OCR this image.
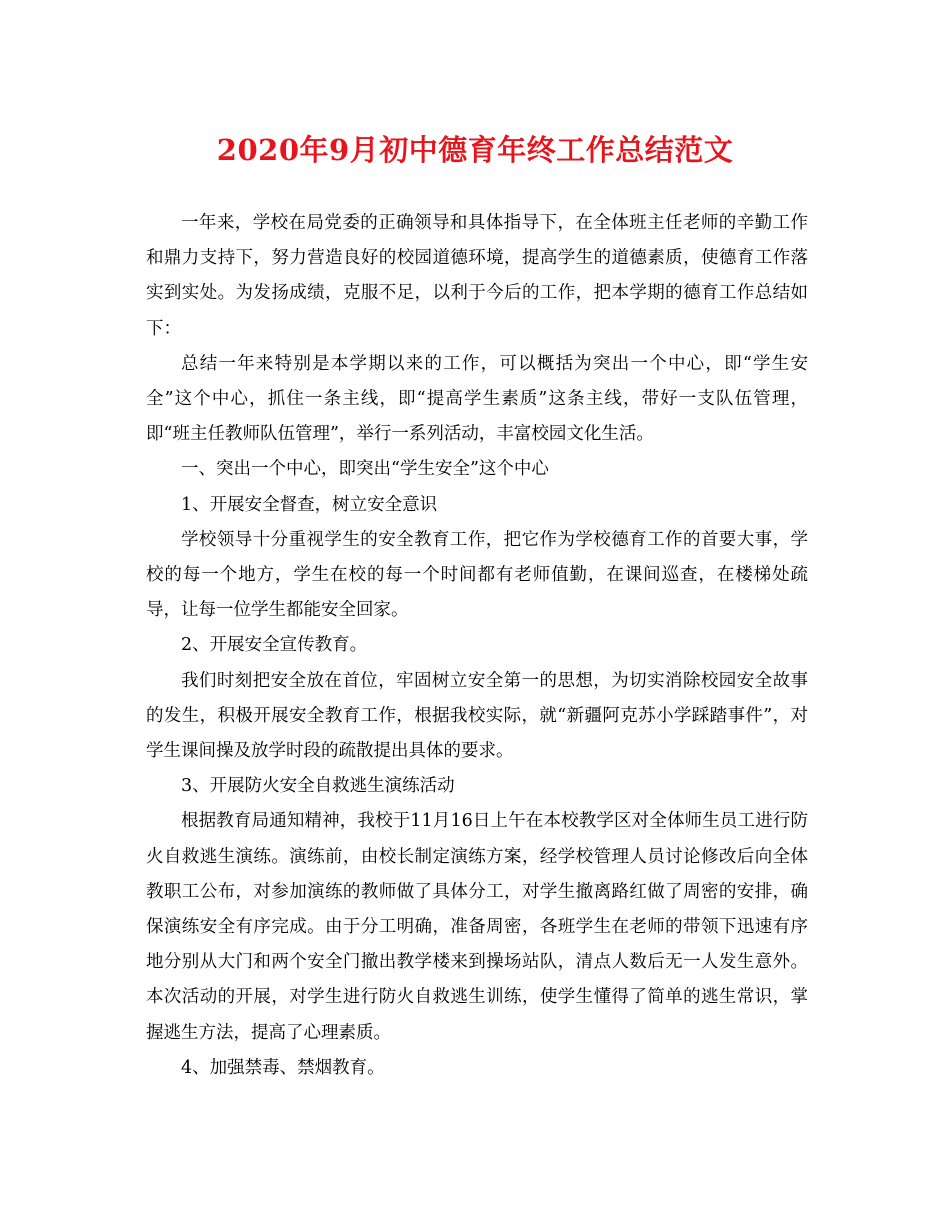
2020年9月初中德育年终工作总结范文

一年来，学校在局党委的正确领导和具体指导下，在全体班主任老师的辛勤工作和鼎力支持下，努力营造良好的校园道德环境，提高学生的道德素质，使德育工作落实到实处。为发扬成绩，克服不足，以利于今后的工作，把本学期的德育工作总结如下：

总结一年来特别是本学期以来的工作，可以概括为突出一个中心，即“学生安全”这个中心，抓住一条主线，即“提高学生素质”这条主线，带好一支队伍管理，即“班主任教师队伍管理”，举行一系列活动，丰富校园文化生活。

一、突出一个中心，即突出“学生安全”这个中心

1、开展安全督查，树立安全意识

学校领导十分重视学生的安全教育工作，把它作为学校德育工作的首要大事，学校的每一个地方，学生在校的每一个时间都有老师值勤，在课间巡查，在楼梯处疏导，让每一位学生都能安全回家。

2、开展安全宣传教育。

我们时刻把安全放在首位，牢固树立安全第一的思想，为切实消除校园安全故事的发生，积极开展安全教育工作，根据我校实际，就“新疆阿克苏小学踩踏事件”，对学生课间操及放学时段的疏散提出具体的要求。

3、开展防火安全自救逃生演练活动

根据教育局通知精神，我校于11月16日上午在本校教学区对全体师生员工进行防火自救逃生演练。演练前，由校长制定演练方案，经学校管理人员讨论修改后向全体教职工公布，对参加演练的教师做了具体分工，对学生撤离路红做了周密的安排，确保演练安全有序完成。由于分工明确，准备周密，各班学生在老师的带领下迅速有序地分别从大门和两个安全门撤出教学楼来到操场站队，清点人数后无一人发生意外。本次活动的开展，对学生进行防火自救逃生训练，使学生懂得了简单的逃生常识，掌握逃生方法，提高了心理素质。

4、加强禁毒、禁烟教育。
